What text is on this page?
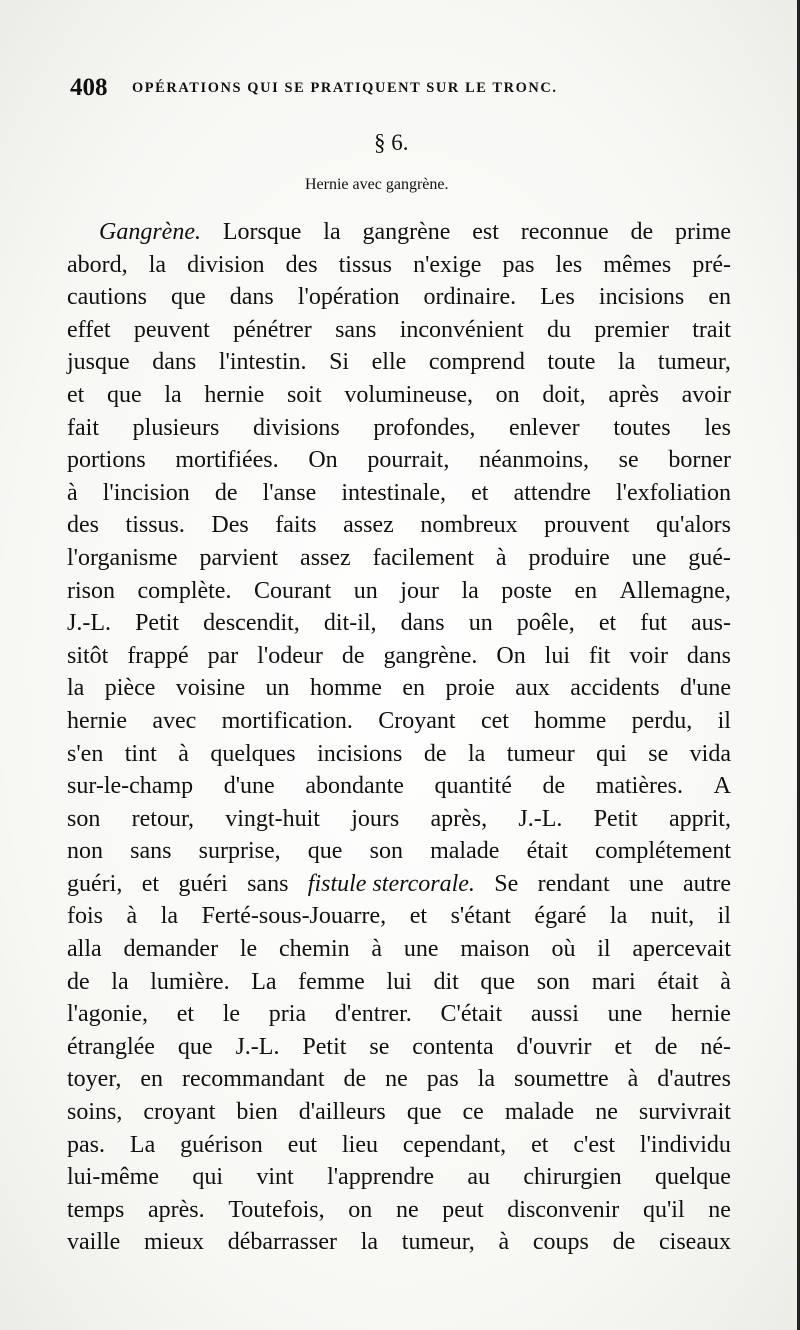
408 OPÉRATIONS QUI SE PRATIQUENT SUR LE TRONC.
§ 6.
Hernie avec gangrène.
Gangrène. Lorsque la gangrène est reconnue de prime
abord, la division des tissus n'exige pas les mêmes pré-
cautions que dans l'opération ordinaire. Les incisions en
effet peuvent pénétrer sans inconvénient du premier trait
jusque dans l'intestin. Si elle comprend toute la tumeur,
et que la hernie soit volumineuse, on doit, après avoir
fait plusieurs divisions profondes, enlever toutes les
portions mortifiées. On pourrait, néanmoins, se borner
à l'incision de l'anse intestinale, et attendre l'exfoliation
des tissus. Des faits assez nombreux prouvent qu'alors
l'organisme parvient assez facilement à produire une gué-
rison complète. Courant un jour la poste en Allemagne,
J.-L. Petit descendit, dit-il, dans un poêle, et fut aus-
sitôt frappé par l'odeur de gangrène. On lui fit voir dans
la pièce voisine un homme en proie aux accidents d'une
hernie avec mortification. Croyant cet homme perdu, il
s'en tint à quelques incisions de la tumeur qui se vida
sur-le-champ d'une abondante quantité de matières. A
son retour, vingt-huit jours après, J.-L. Petit apprit,
non sans surprise, que son malade était complétement
guéri, et guéri sans fistule stercorale. Se rendant une autre
fois à la Ferté-sous-Jouarre, et s'étant égaré la nuit, il
alla demander le chemin à une maison où il apercevait
de la lumière. La femme lui dit que son mari était à
l'agonie, et le pria d'entrer. C'était aussi une hernie
étranglée que J.-L. Petit se contenta d'ouvrir et de né-
toyer, en recommandant de ne pas la soumettre à d'autres
soins, croyant bien d'ailleurs que ce malade ne survivrait
pas. La guérison eut lieu cependant, et c'est l'individu
lui-même qui vint l'apprendre au chirurgien quelque
temps après. Toutefois, on ne peut disconvenir qu'il ne
vaille mieux débarrasser la tumeur, à coups de ciseaux
